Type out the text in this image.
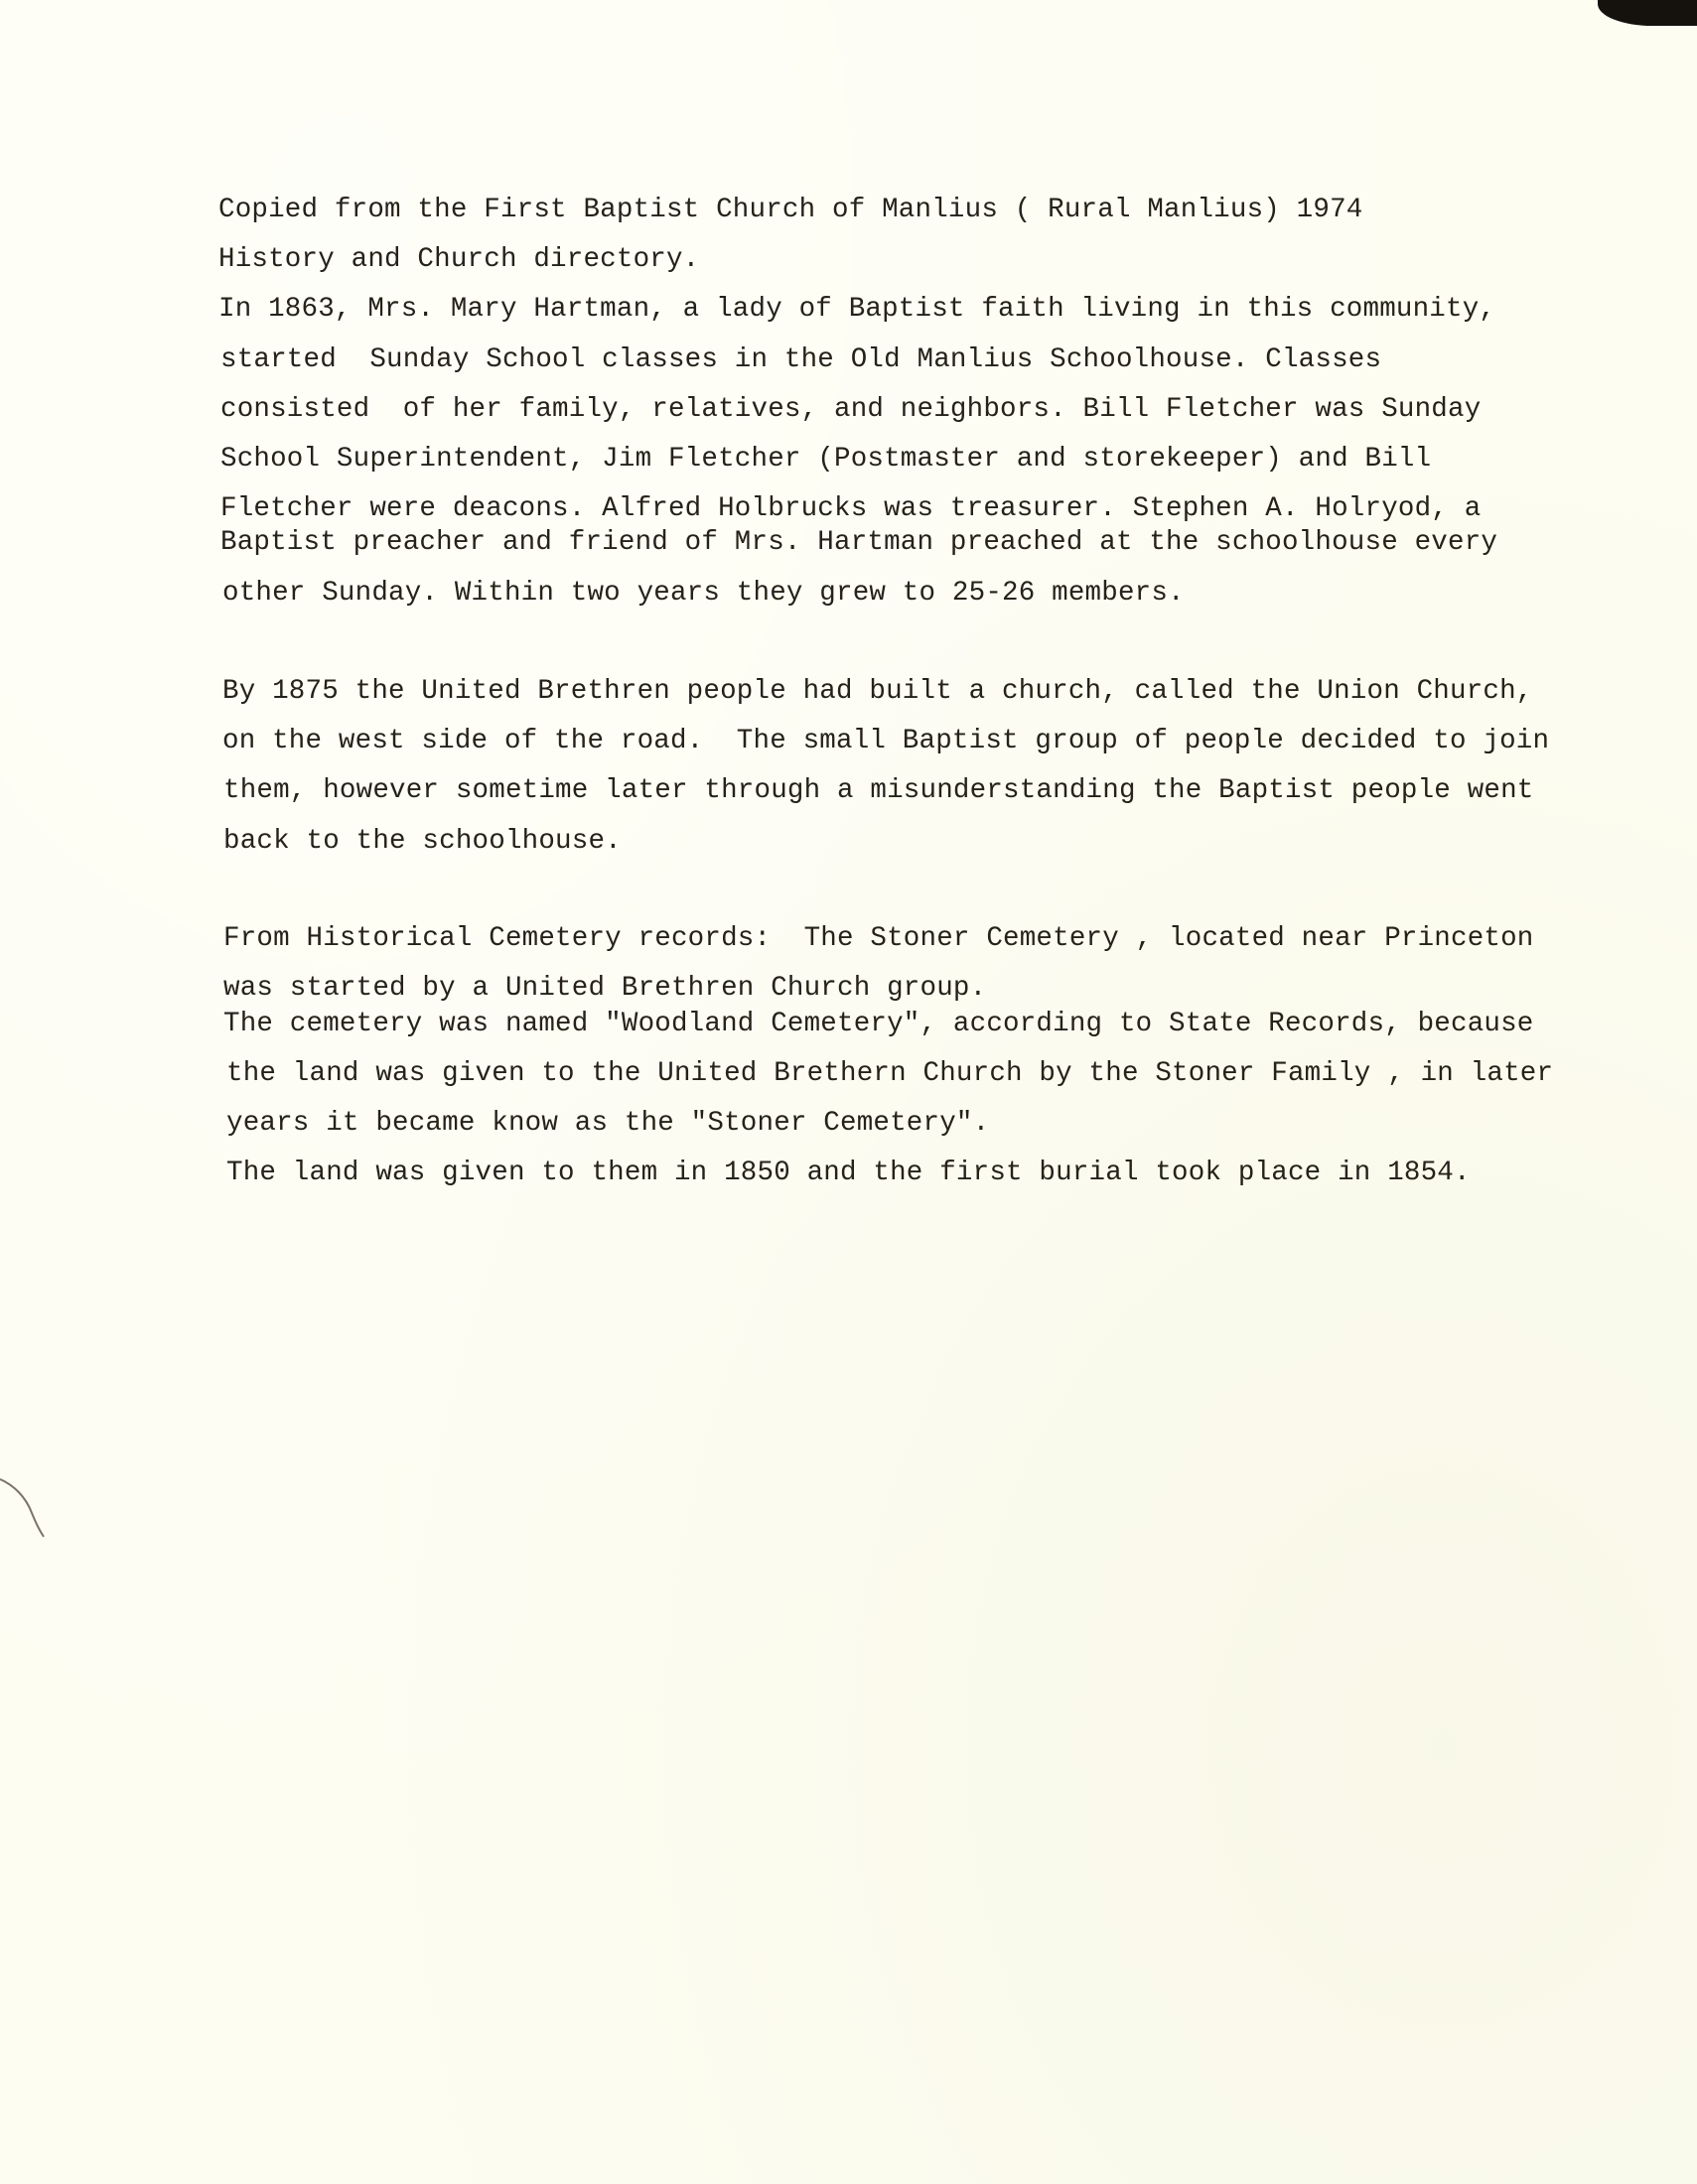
Copied from the First Baptist Church of Manlius ( Rural Manlius) 1974
History and Church directory.
In 1863, Mrs. Mary Hartman, a lady of Baptist faith living in this community,
started  Sunday School classes in the Old Manlius Schoolhouse. Classes
consisted  of her family, relatives, and neighbors. Bill Fletcher was Sunday
School Superintendent, Jim Fletcher (Postmaster and storekeeper) and Bill
Fletcher were deacons. Alfred Holbrucks was treasurer. Stephen A. Holryod, a
Baptist preacher and friend of Mrs. Hartman preached at the schoolhouse every
other Sunday. Within two years they grew to 25-26 members.
By 1875 the United Brethren people had built a church, called the Union Church,
on the west side of the road.  The small Baptist group of people decided to join
them, however sometime later through a misunderstanding the Baptist people went
back to the schoolhouse.
From Historical Cemetery records:  The Stoner Cemetery , located near Princeton
was started by a United Brethren Church group.
The cemetery was named "Woodland Cemetery", according to State Records, because
the land was given to the United Brethern Church by the Stoner Family , in later
years it became know as the "Stoner Cemetery".
The land was given to them in 1850 and the first burial took place in 1854.
